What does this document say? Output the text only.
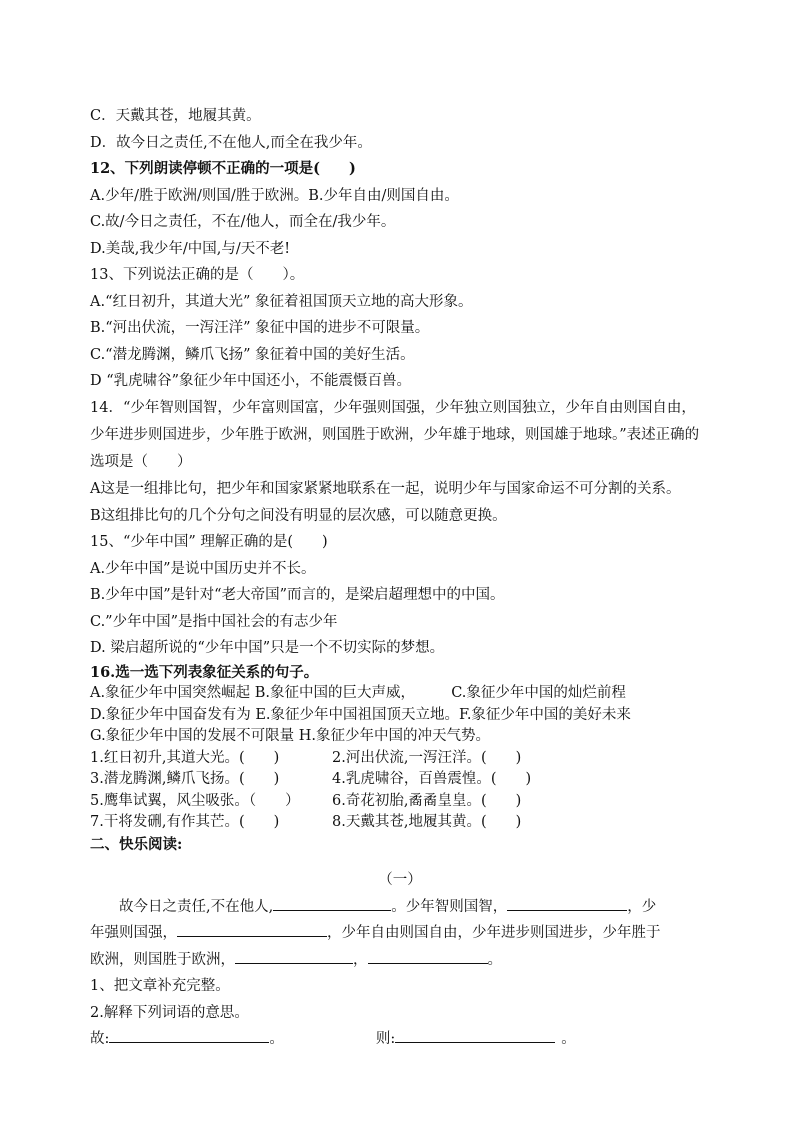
C．天戴其苍，地履其黄。
D．故今日之责任,不在他人,而全在我少年。
12、下列朗读停顿不正确的一项是(　　)
A.少年/胜于欧洲/则国/胜于欧洲。B.少年自由/则国自由。
C.故/今日之责任，不在/他人，而全在/我少年。
D.美哉,我少年/中国,与/天不老!
13、下列说法正确的是（　　）。
A.“红日初升，其道大光” 象征着祖国顶天立地的高大形象。
B.“河出伏流，一泻汪洋” 象征中国的进步不可限量。
C.“潜龙腾渊，鳞爪飞扬” 象征着中国的美好生活。
D “乳虎啸谷”象征少年中国还小，不能震慑百兽。
14．“少年智则国智，少年富则国富，少年强则国强，少年独立则国独立，少年自由则国自由，少年进步则国进步，少年胜于欧洲，则国胜于欧洲，少年雄于地球，则国雄于地球。”表述正确的选项是（　　）
A这是一组排比句，把少年和国家紧紧地联系在一起，说明少年与国家命运不可分割的关系。
B这组排比句的几个分句之间没有明显的层次感，可以随意更换。
15、“少年中国” 理解正确的是(　　)
A.少年中国”是说中国历史并不长。
B.少年中国”是针对“老大帝国”而言的，是梁启超理想中的中国。
C.”少年中国”是指中国社会的有志少年
D. 梁启超所说的“少年中国”只是一个不切实际的梦想。
16.选一选下列表象征关系的句子。
A.象征少年中国突然崛起 B.象征中国的巨大声威，　　　C.象征少年中国的灿烂前程
D.象征少年中国奋发有为 E.象征少年中国祖国顶天立地。F.象征少年中国的美好未来
G.象征少年中国的发展不可限量 H.象征少年中国的冲天气势。
1.红日初升,其道大光。(　　)	2.河出伏流,一泻汪洋。(　　)
3.潜龙腾渊,鳞爪飞扬。(　　)	4.乳虎啸谷，百兽震惶。(　　)
5.鹰隼试翼，风尘吸张。（　　）	6.奇花初胎,矞矞皇皇。(　　)
7.干将发硎,有作其芒。(　　)	8.天戴其苍,地履其黄。(　　)
二、快乐阅读:
（一）
故今日之责任,不在他人,	。少年智则国智，	，少
年强则国强，	，少年自由则国自由，少年进步则国进步，少年胜于
欧洲，则国胜于欧洲，	，	。
1、把文章补充完整。
2.解释下列词语的意思。
故:	。	则:	。
